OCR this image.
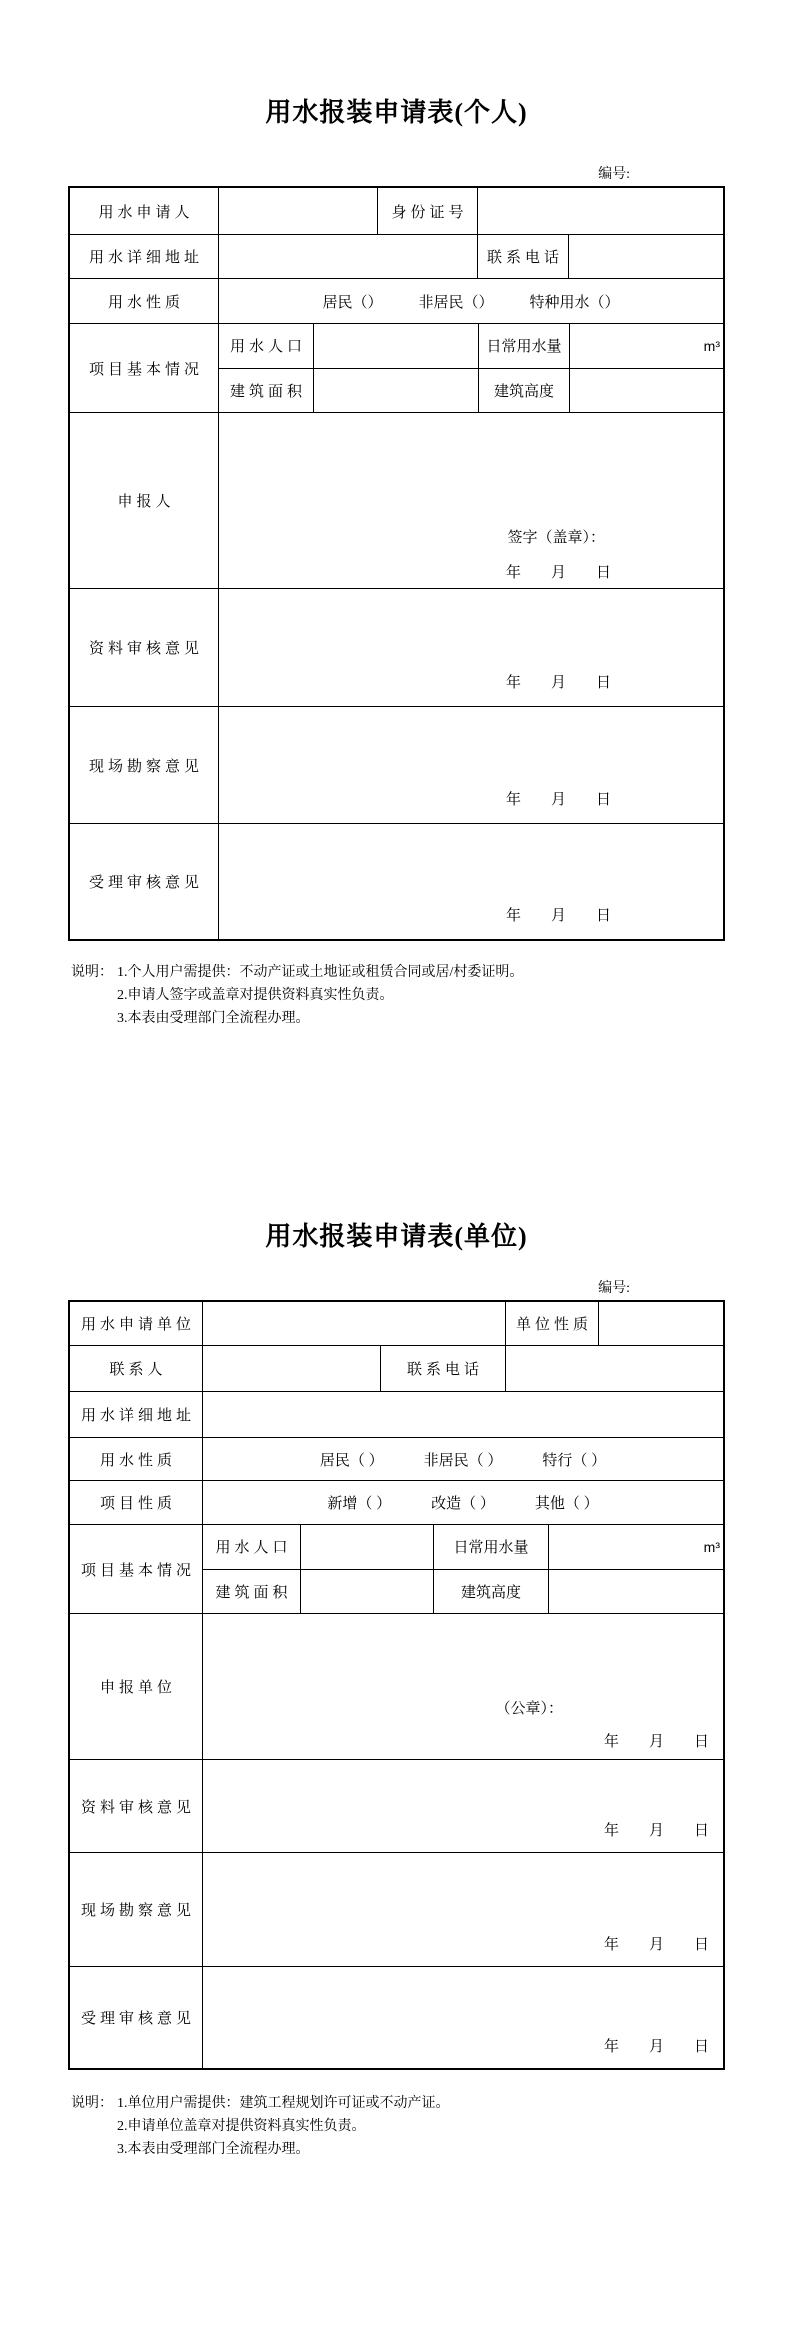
用水报装申请表(个人)
编号:
用水申请人	身份证号
用水详细地址	联系电话
用水性质	居民（） 非居民（） 特种用水（）
项目基本情况
用水人口	日常用水量	m³
建筑面积	建筑高度
申报人
签字（盖章）：
年　　月　　日
资料审核意见
年　　月　　日
现场勘察意见
年　　月　　日
受理审核意见
年　　月　　日
说明： 1.个人用户需提供：不动产证或土地证或租赁合同或居/村委证明。
2.申请人签字或盖章对提供资料真实性负责。
3.本表由受理部门全流程办理。
用水报装申请表(单位)
编号:
用水申请单位	单位性质
联系人	联系电话
用水详细地址
用水性质	居民（ ）	非居民（ ）	特行（ ）
项目性质	新增（ ）	改造（ ）	其他（ ）
项目基本情况
用水人口	日常用水量	m³
建筑面积	建筑高度
申报单位
（公章）：
年　　月　　日
资料审核意见
年　　月　　日
现场勘察意见
年　　月　　日
受理审核意见
年　　月　　日
说明： 1.单位用户需提供：建筑工程规划许可证或不动产证。
2.申请单位盖章对提供资料真实性负责。
3.本表由受理部门全流程办理。
